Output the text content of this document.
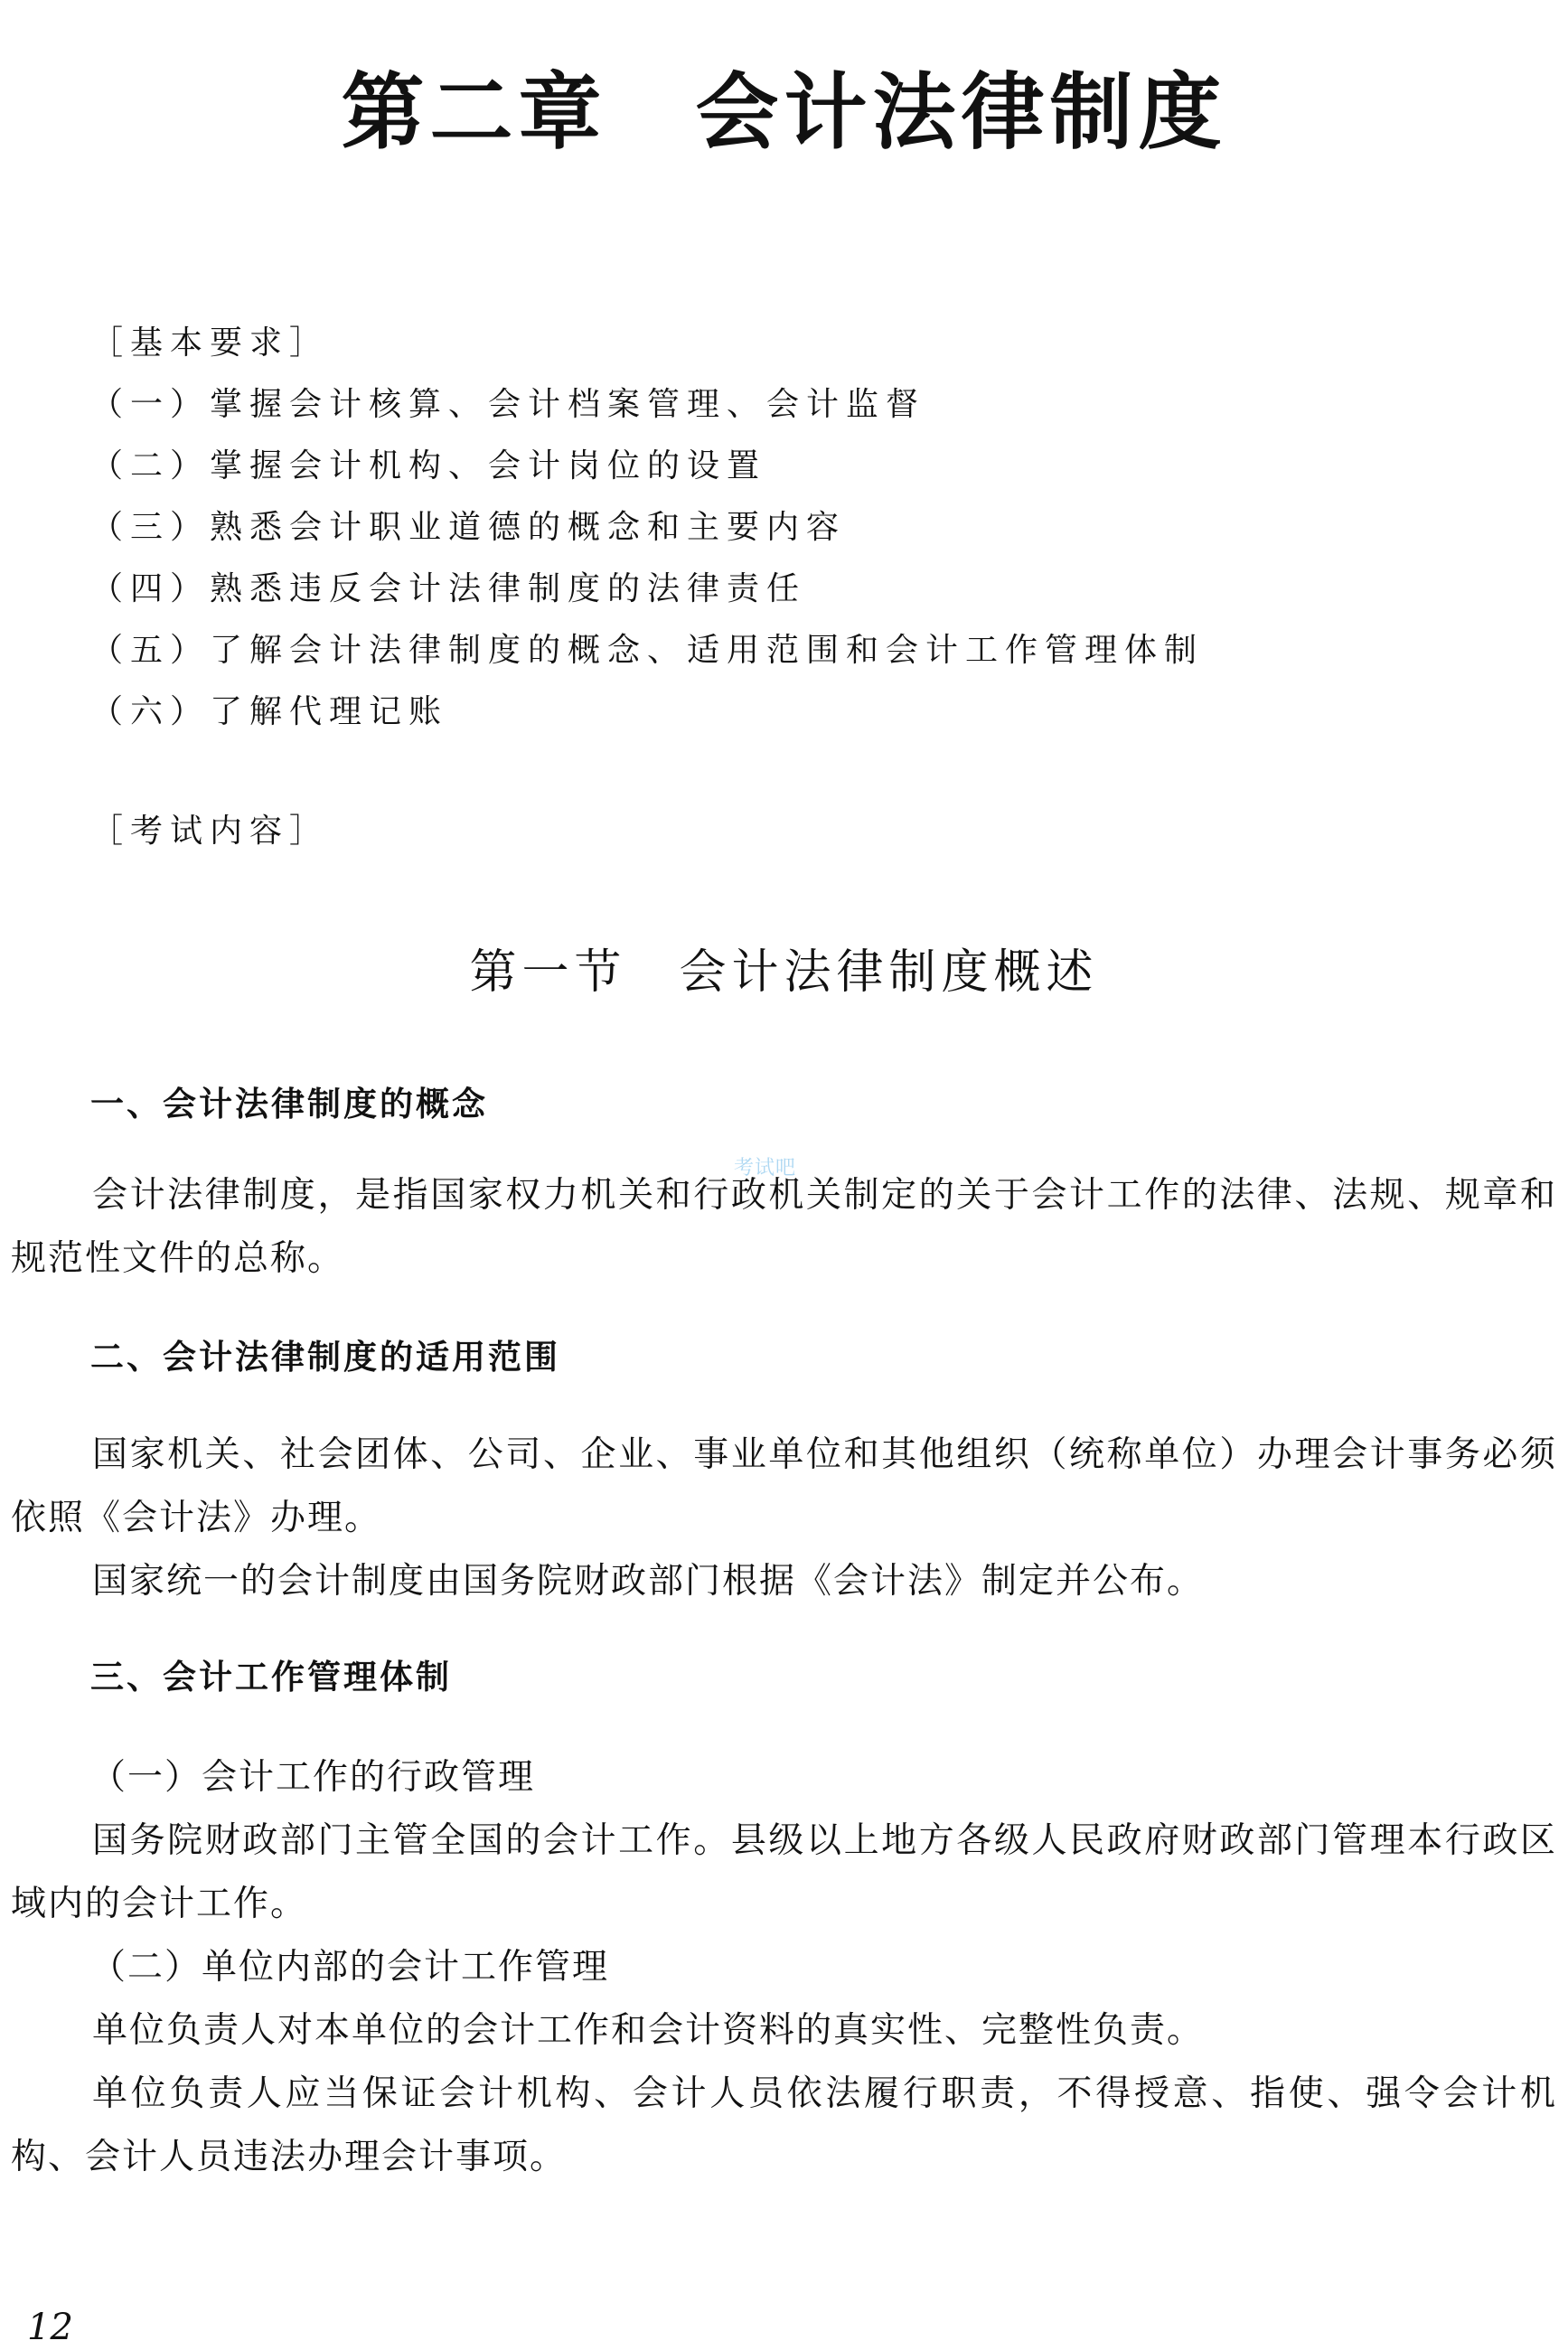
第二章　会计法律制度
［基本要求］
（一）掌握会计核算、会计档案管理、会计监督
（二）掌握会计机构、会计岗位的设置
（三）熟悉会计职业道德的概念和主要内容
（四）熟悉违反会计法律制度的法律责任
（五）了解会计法律制度的概念、适用范围和会计工作管理体制
（六）了解代理记账
［考试内容］
第一节　会计法律制度概述
一、会计法律制度的概念
会计法律制度，是指国家权力机关和行政机关制定的关于会计工作的法律、法规、规章和规范性文件的总称。
考试吧
二、会计法律制度的适用范围
国家机关、社会团体、公司、企业、事业单位和其他组织（统称单位）办理会计事务必须依照《会计法》办理。
国家统一的会计制度由国务院财政部门根据《会计法》制定并公布。
三、会计工作管理体制
（一）会计工作的行政管理
国务院财政部门主管全国的会计工作。县级以上地方各级人民政府财政部门管理本行政区域内的会计工作。
（二）单位内部的会计工作管理
单位负责人对本单位的会计工作和会计资料的真实性、完整性负责。
单位负责人应当保证会计机构、会计人员依法履行职责，不得授意、指使、强令会计机构、会计人员违法办理会计事项。
12
